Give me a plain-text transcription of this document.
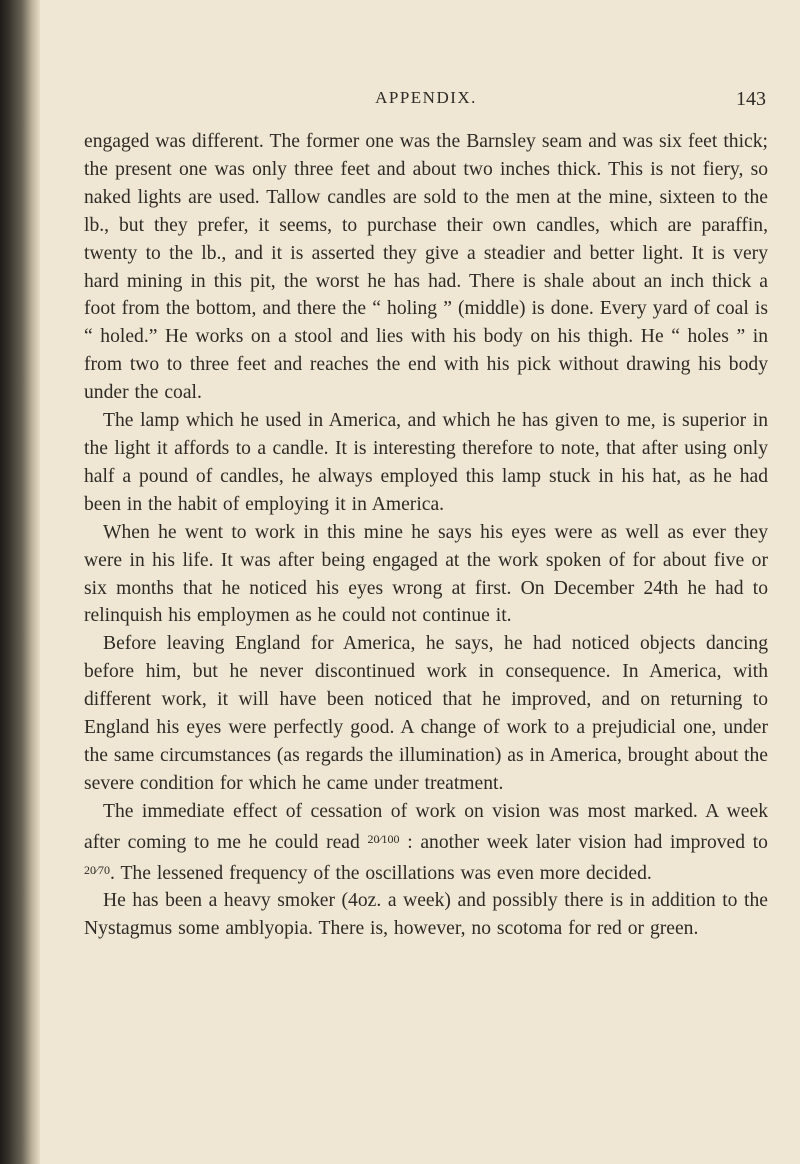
APPENDIX.	143

engaged was different. The former one was the Barnsley seam and was six feet thick; the present one was only three feet and about two inches thick. This is not fiery, so naked lights are used. Tallow candles are sold to the men at the mine, sixteen to the lb., but they prefer, it seems, to purchase their own candles, which are paraffin, twenty to the lb., and it is asserted they give a steadier and better light. It is very hard mining in this pit, the worst he has had. There is shale about an inch thick a foot from the bottom, and there the “ holing ” (middle) is done. Every yard of coal is “ holed.” He works on a stool and lies with his body on his thigh. He “ holes ” in from two to three feet and reaches the end with his pick without drawing his body under the coal.

The lamp which he used in America, and which he has given to me, is superior in the light it affords to a candle. It is interesting therefore to note, that after using only half a pound of candles, he always employed this lamp stuck in his hat, as he had been in the habit of employing it in America.

When he went to work in this mine he says his eyes were as well as ever they were in his life. It was after being engaged at the work spoken of for about five or six months that he noticed his eyes wrong at first. On December 24th he had to relinquish his employmen as he could not continue it.

Before leaving England for America, he says, he had noticed objects dancing before him, but he never discontinued work in consequence. In America, with different work, it will have been noticed that he improved, and on returning to England his eyes were perfectly good. A change of work to a prejudicial one, under the same circumstances (as regards the illumination) as in America, brought about the severe condition for which he came under treatment.

The immediate effect of cessation of work on vision was most marked. A week after coming to me he could read $^{20⁄100}$ : another week later vision had improved to $^{20⁄70}$. The lessened frequency of the oscillations was even more decided.

He has been a heavy smoker (4oz. a week) and possibly there is in addition to the Nystagmus some amblyopia. There is, however, no scotoma for red or green.
